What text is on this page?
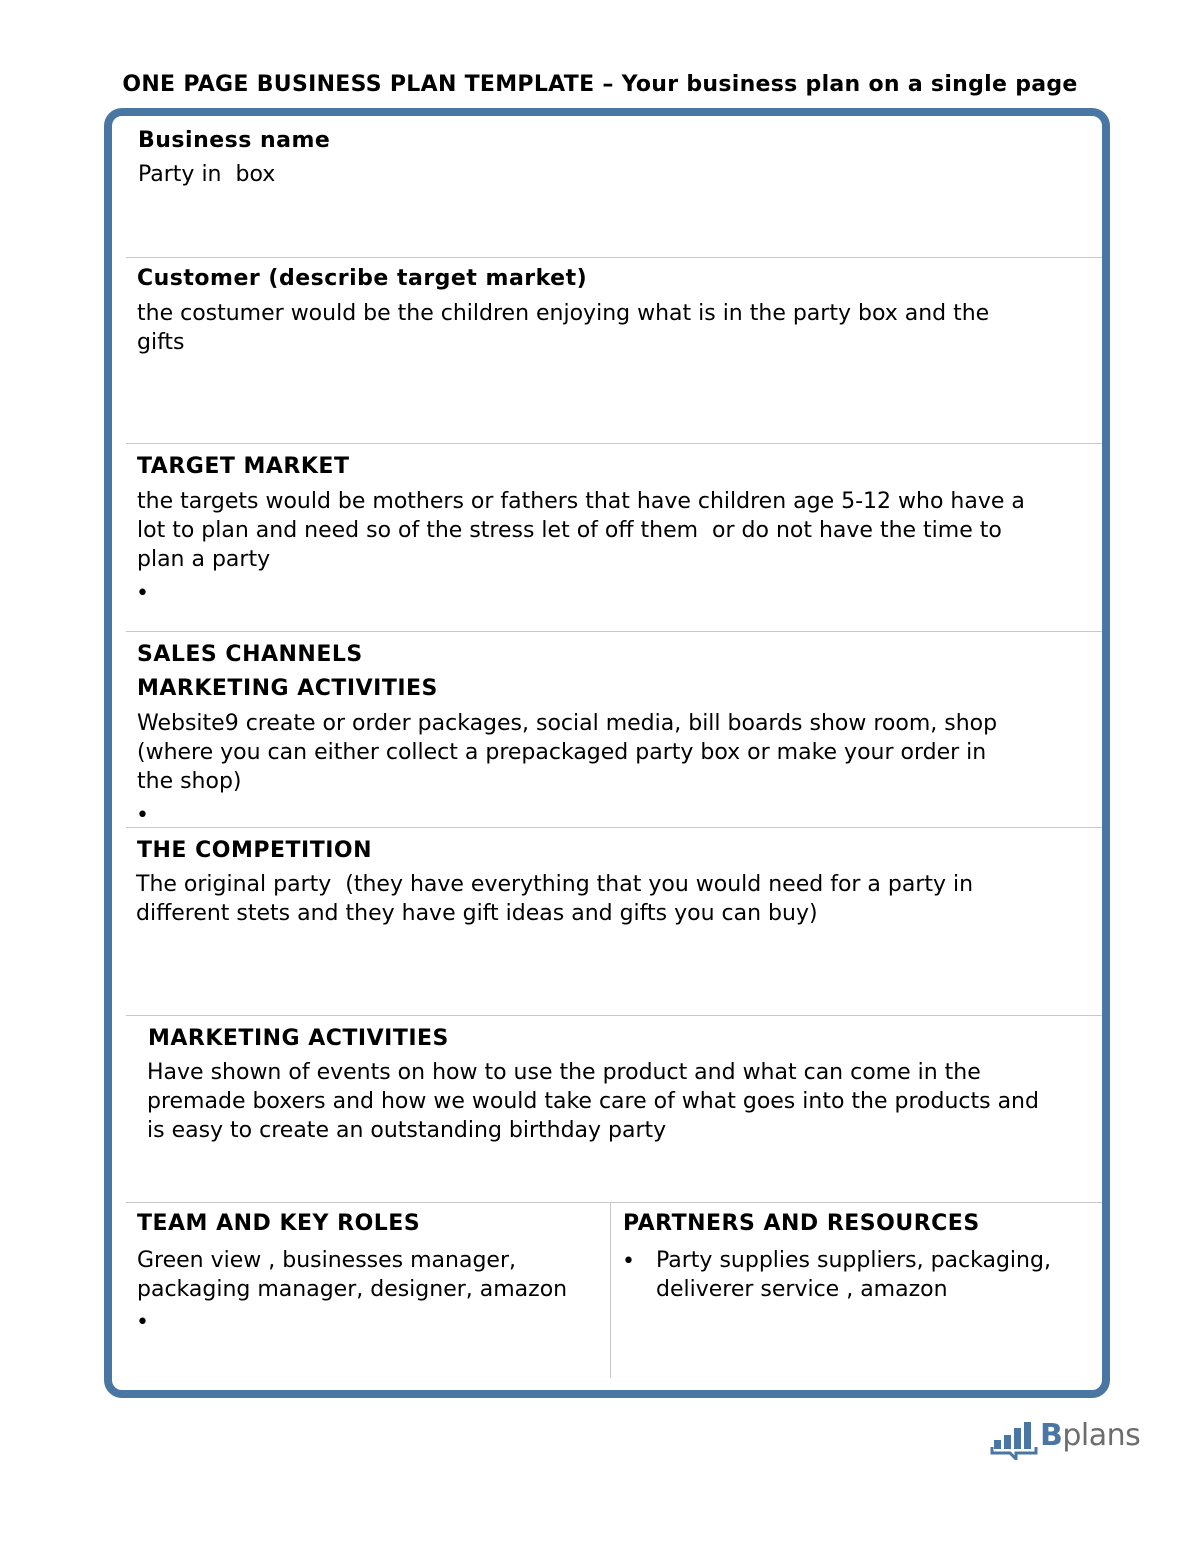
ONE PAGE BUSINESS PLAN TEMPLATE – Your business plan on a single page
Business name
Party in  box
Customer (describe target market)
the costumer would be the children enjoying what is in the party box and the
gifts
TARGET MARKET
the targets would be mothers or fathers that have children age 5-12 who have a
lot to plan and need so of the stress let of off them  or do not have the time to
plan a party
•
SALES CHANNELS
MARKETING ACTIVITIES
Website9 create or order packages, social media, bill boards show room, shop
(where you can either collect a prepackaged party box or make your order in
the shop)
•
THE COMPETITION
The original party  (they have everything that you would need for a party in
different stets and they have gift ideas and gifts you can buy)
MARKETING ACTIVITIES
Have shown of events on how to use the product and what can come in the
premade boxers and how we would take care of what goes into the products and
is easy to create an outstanding birthday party
TEAM AND KEY ROLES
Green view , businesses manager,
packaging manager, designer, amazon
•
PARTNERS AND RESOURCES
• Party supplies suppliers, packaging,
deliverer service , amazon
Bplans
